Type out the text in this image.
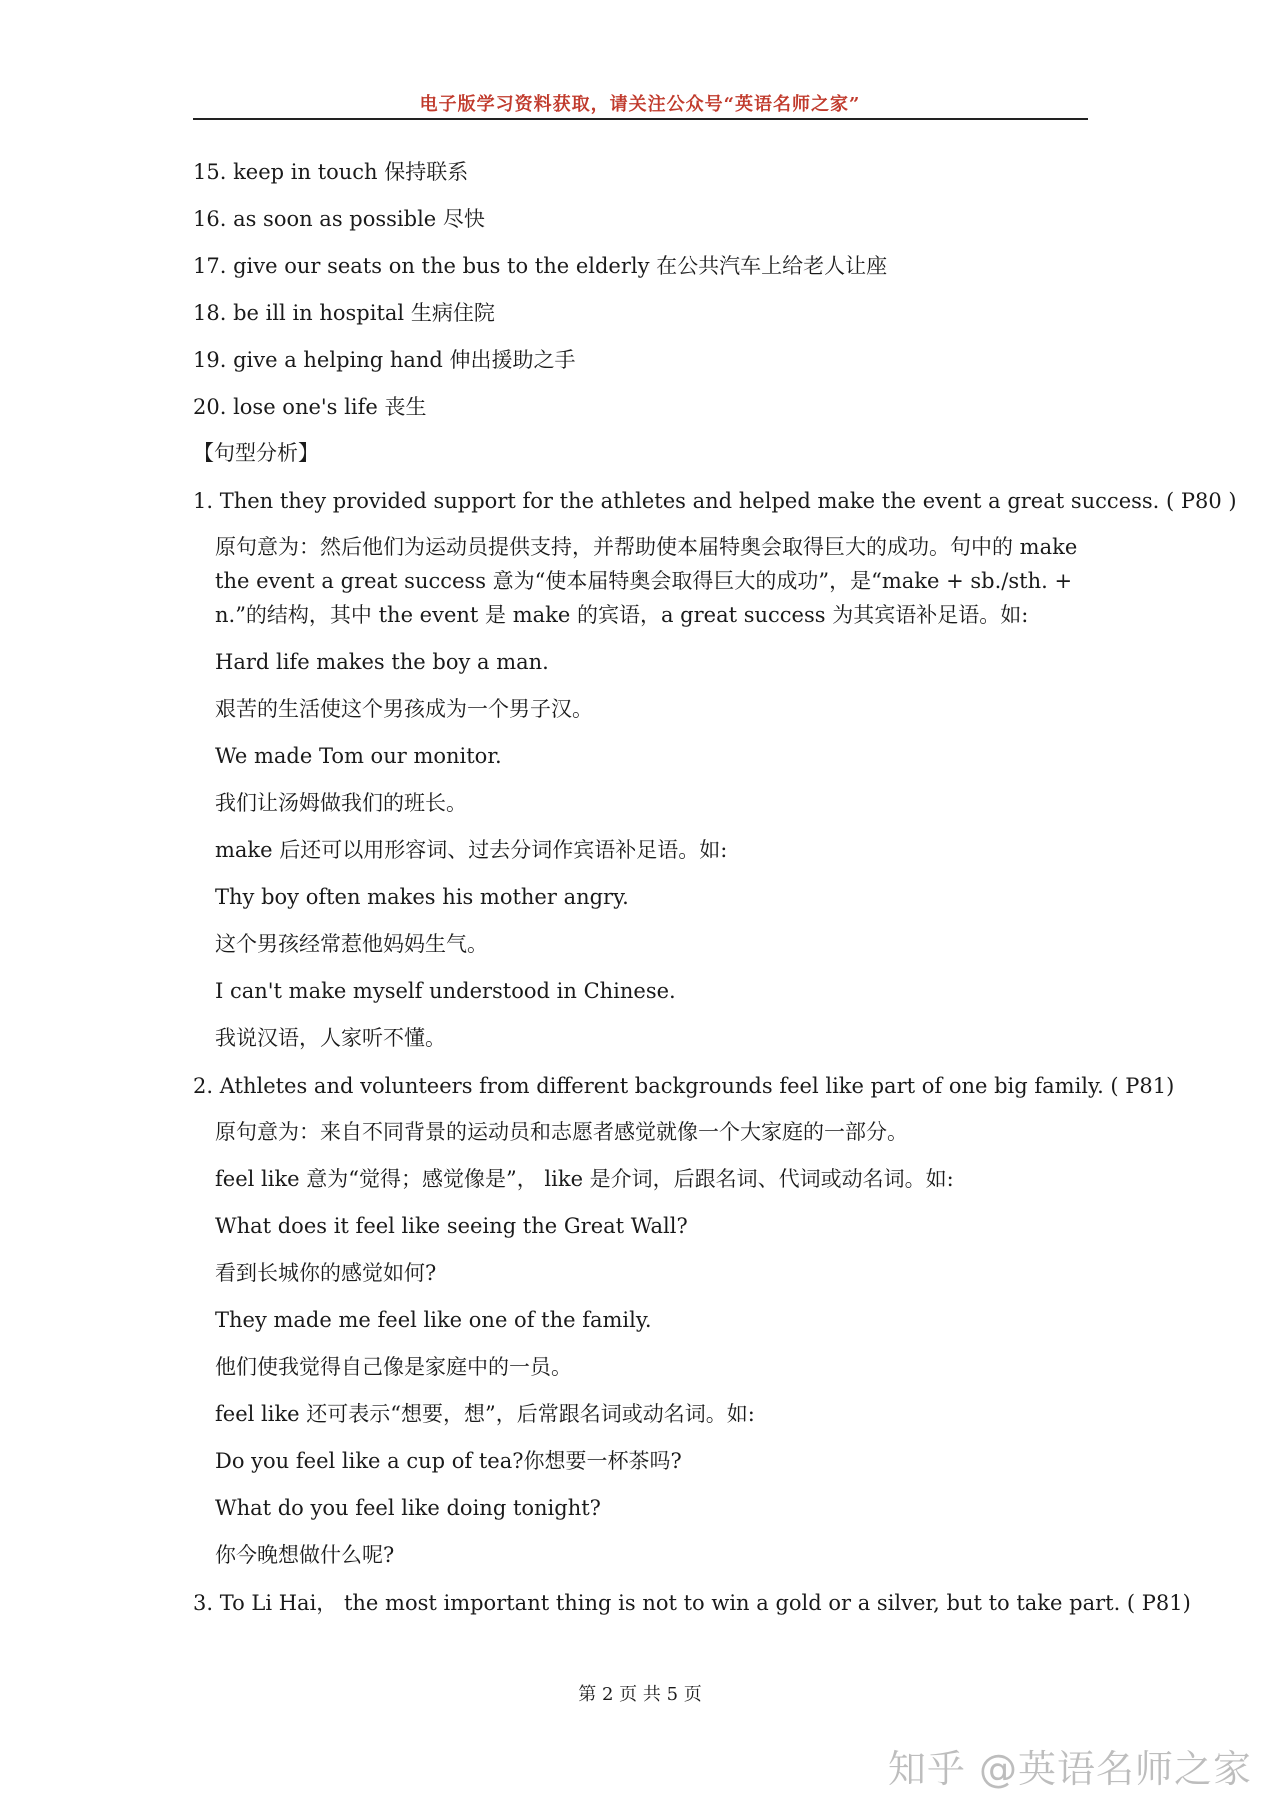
电子版学习资料获取，请关注公众号“英语名师之家”
15. keep in touch 保持联系
16. as soon as possible 尽快
17. give our seats on the bus to the elderly 在公共汽车上给老人让座
18. be ill in hospital 生病住院
19. give a helping hand 伸出援助之手
20. lose one's life 丧生
【句型分析】
1. Then they provided support for the athletes and helped make the event a great success. ( P80 )
原句意为：然后他们为运动员提供支持，并帮助使本届特奥会取得巨大的成功。句中的 make the event a great success 意为“使本届特奥会取得巨大的成功”，是“make + sb./sth. + n.”的结构，其中 the event 是 make 的宾语，a great success 为其宾语补足语。如:
Hard life makes the boy a man.
艰苦的生活使这个男孩成为一个男子汉。
We made Tom our monitor.
我们让汤姆做我们的班长。
make 后还可以用形容词、过去分词作宾语补足语。如:
Thy boy often makes his mother angry.
这个男孩经常惹他妈妈生气。
I can't make myself understood in Chinese.
我说汉语，人家听不懂。
2. Athletes and volunteers from different backgrounds feel like part of one big family. ( P81)
原句意为：来自不同背景的运动员和志愿者感觉就像一个大家庭的一部分。
feel like 意为“觉得；感觉像是”， like 是介词，后跟名词、代词或动名词。如:
What does it feel like seeing the Great Wall?
看到长城你的感觉如何?
They made me feel like one of the family.
他们使我觉得自己像是家庭中的一员。
feel like 还可表示“想要，想”，后常跟名词或动名词。如:
Do you feel like a cup of tea?你想要一杯茶吗?
What do you feel like doing tonight?
你今晚想做什么呢?
3. To Li Hai， the most important thing is not to win a gold or a silver, but to take part. ( P81)
第 2 页 共 5 页
知乎 @英语名师之家
